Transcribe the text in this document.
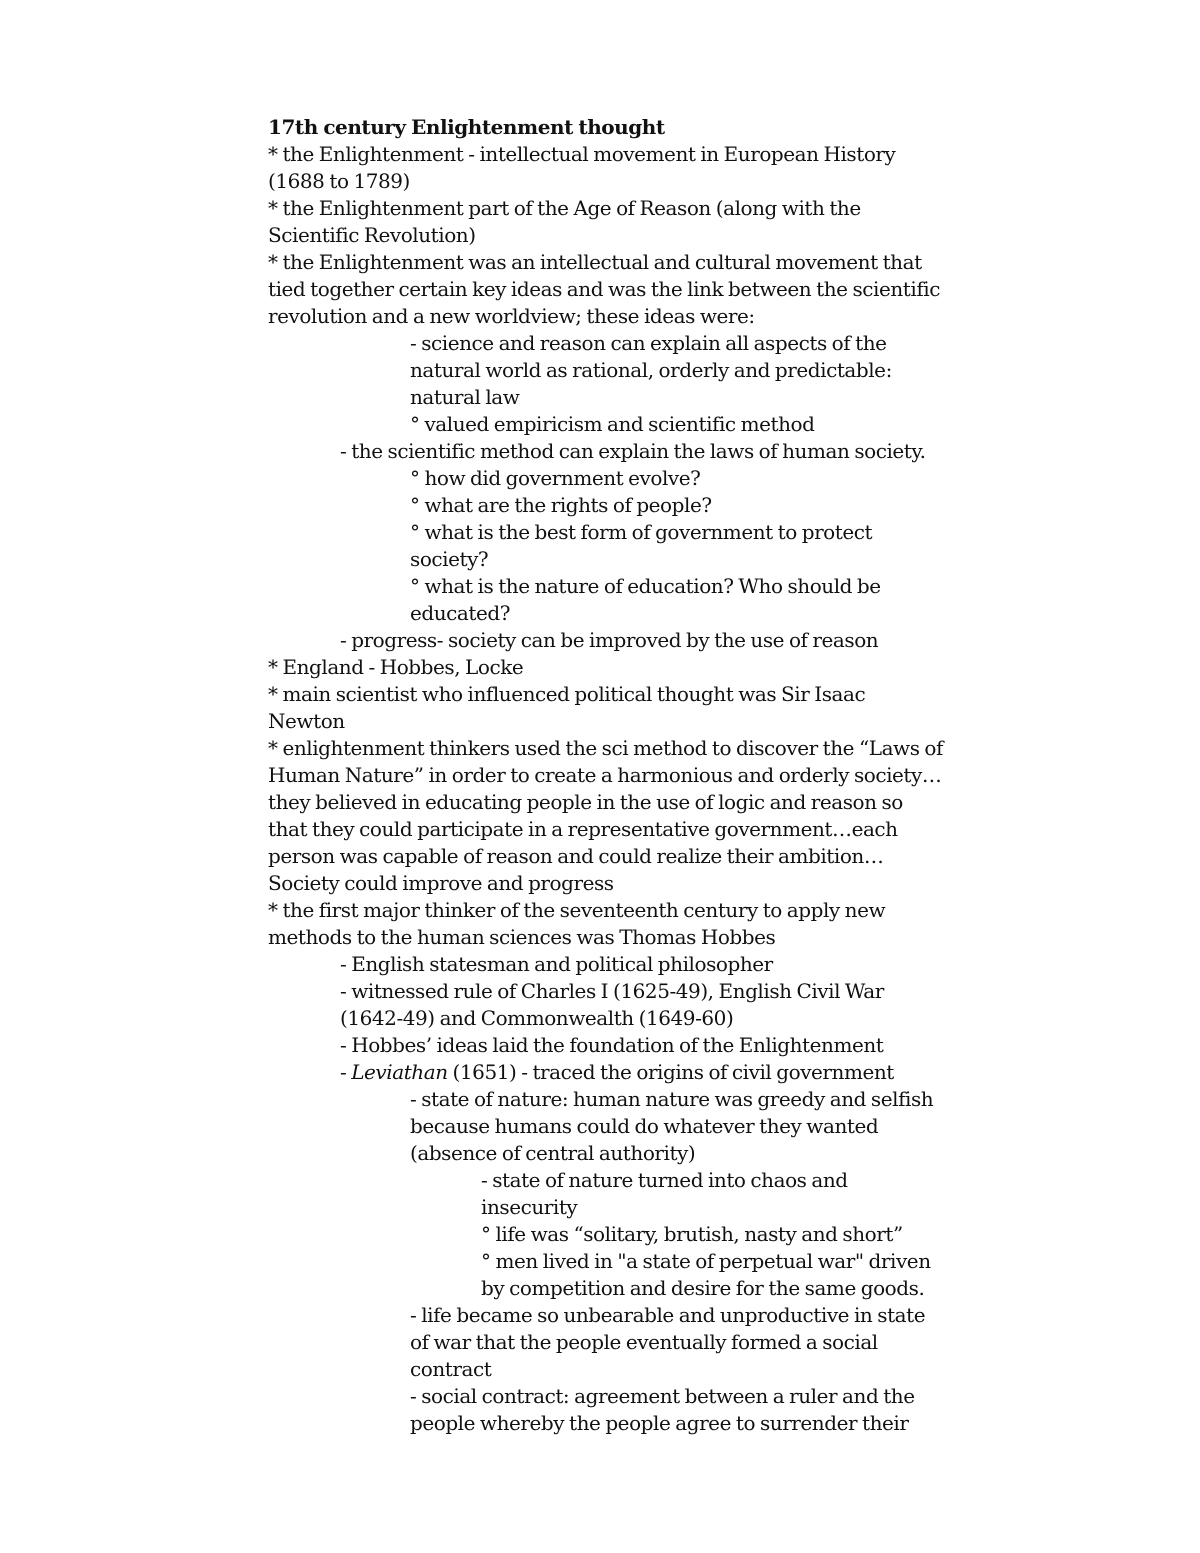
17th century Enlightenment thought
* the Enlightenment - intellectual movement in European History
(1688 to 1789)
* the Enlightenment part of the Age of Reason (along with the
Scientific Revolution)
* the Enlightenment was an intellectual and cultural movement that
tied together certain key ideas and was the link between the scientific
revolution and a new worldview; these ideas were:
- science and reason can explain all aspects of the
natural world as rational, orderly and predictable:
natural law
° valued empiricism and scientific method
- the scientific method can explain the laws of human society.
° how did government evolve?
° what are the rights of people?
° what is the best form of government to protect
society?
° what is the nature of education? Who should be
educated?
- progress- society can be improved by the use of reason
* England - Hobbes, Locke
* main scientist who influenced political thought was Sir Isaac
Newton
* enlightenment thinkers used the sci method to discover the “Laws of
Human Nature” in order to create a harmonious and orderly society…
they believed in educating people in the use of logic and reason so
that they could participate in a representative government…each
person was capable of reason and could realize their ambition…
Society could improve and progress
* the first major thinker of the seventeenth century to apply new
methods to the human sciences was Thomas Hobbes
- English statesman and political philosopher
- witnessed rule of Charles I (1625-49), English Civil War
(1642-49) and Commonwealth (1649-60)
- Hobbes’ ideas laid the foundation of the Enlightenment
- Leviathan (1651) - traced the origins of civil government
- state of nature: human nature was greedy and selfish
because humans could do whatever they wanted
(absence of central authority)
- state of nature turned into chaos and
insecurity
° life was “solitary, brutish, nasty and short”
° men lived in "a state of perpetual war" driven
by competition and desire for the same goods.
- life became so unbearable and unproductive in state
of war that the people eventually formed a social
contract
- social contract: agreement between a ruler and the
people whereby the people agree to surrender their
